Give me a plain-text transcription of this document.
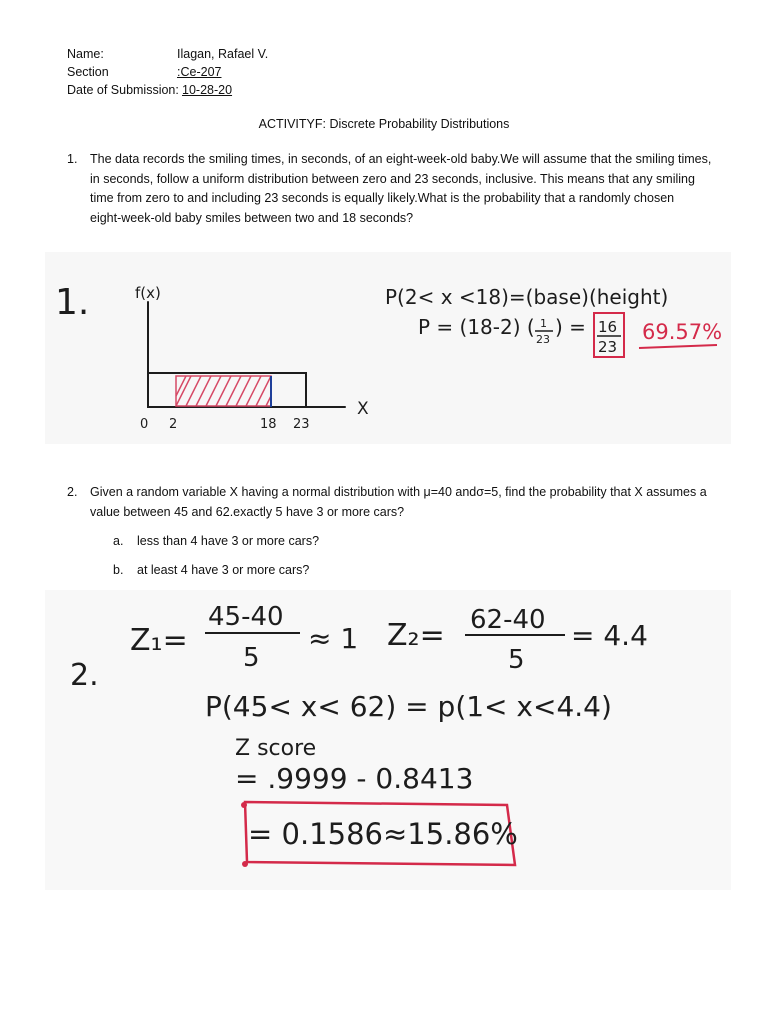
Name:	Ilagan, Rafael V.
Section	:Ce-207
Date of Submission: 10-28-20
ACTIVITYF: Discrete Probability Distributions
1. The data records the smiling times, in seconds, of an eight-week-old baby.We will assume that the smiling times,
in seconds, follow a uniform distribution between zero and 23 seconds, inclusive. This means that any smiling
time from zero to and including 23 seconds is equally likely.What is the probability that a randomly chosen
eight-week-old baby smiles between two and 18 seconds?
1.	f(x)
X
0 2	18 23
P(2< x <18)=(base)(height)
P = (18-2) ( 1
23
) = 16
23
69.57%
2. Given a random variable X having a normal distribution with μ=40 andσ=5, find the probability that X assumes a
value between 45 and 62.exactly 5 have 3 or more cars?
a. less than 4 have 3 or more cars?
b. at least 4 have 3 or more cars?
2.
Z₁=
45-40
5
≈ 1 Z₂= 62-40
5
= 4.4
P(45< x< 62) = p(1< x<4.4)
Z score
= .9999 - 0.8413
= 0.1586≈15.86%
